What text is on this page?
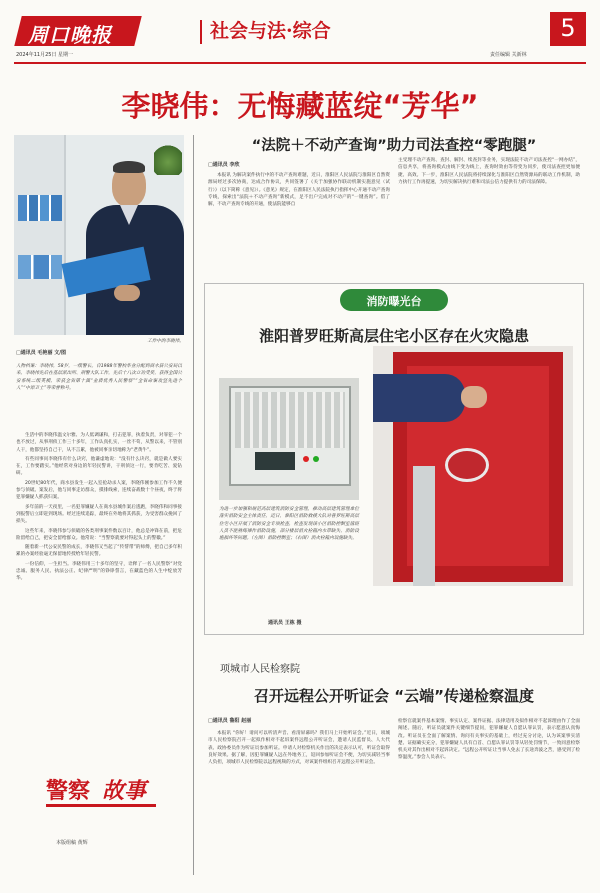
周口晚报
2024年11月25日 星期一
社会与法·综合
责任编辑 关新林
5
李晓伟：无悔藏蓝绽“芳华”
工作中的李晓伟。
□通讯员 毛艳丽 文/图
人物档案：李晓伟，58岁，一级警长。自1988年警校毕业分配到商水县公安局以来，李晓伟先后在基层派出所、刑警大队工作，先后十八次立功受奖，获得全国公安系统二级英模、荣获全省第十届“金盾优秀人民警察”“全省命案攻坚先进个人”“中原卫士”等荣誉称号。

生活中的李晓伟温文尔雅、为人低调谦和，打击犯罪，执着负责，对罪犯一个也不放过，从事刑侦工作三十多年，工作认真扎实，一丝不苟，从警以来，不管别人干，他都坚持自己干，从不言累，他被同事亲切地称为“老黄牛”。

有些同事问李晓伟有什么诀窍，他谦虚地说：“没有什么诀窍，就是做人要实在，工作要踏实。”他经常对身边的年轻民警讲，干刑侦这一行，要肯吃苦、爱钻研。

20世纪80年代，商水县发生一起入室抢劫杀人案，李晓伟刚参加工作不久便参与侦破。案发后，他与同事走访群众，摸排线索，连续奋战数十个昼夜，终于将犯罪嫌疑人抓获归案。

多年前的一天夜里，一名犯罪嫌疑人在商水县城作案后逃跑，李晓伟和同事接到报警后立即赶到现场。经过连续追踪，最终在外地将其抓获，为受害群众挽回了损失。

这些年来，李晓伟参与侦破的各类刑事案件数以百计，他总是冲锋在前，把危险留给自己，把安全留给群众。他常说：“当警察就要对得起头上的警徽。”

随着新一代公安民警的成长，李晓伟又当起了“传帮带”的师傅，把自己多年积累的办案经验毫无保留地传授给年轻民警。

一份信仰，一生担当。李晓伟用三十多年的坚守，诠释了一名人民警察“对党忠诚、服务人民、执法公正、纪律严明”的铮铮誓言，在藏蓝色的人生中绽放芳华。

警察 故事
本版组稿 黄辉
“法院＋不动产查询”助力司法查控“零跑腿”
□通讯员 李欣

本报讯 为解决案件执行中的不动产查询难题，近日，淮阳区人民法院与淮阳区自然资源局经过多次协商，达成合作协议，共同签署了《关于加强协作联动机制实施意见（试行）》（以下简称《意见》）。《意见》规定，在淮阳区人民法院执行指挥中心开通不动产查询专线，探索出“法院＋不动产查询”新模式，足不出户完成对不动产的“一键查询”。借了解，不动产查询专线的开通，使法院能够自

主受理不动产查询、查封、解封、续查封等业务，实现法院不动产司法查控“一网办结”，信息共享，将查询模式由线下变为线上，查询时效由等待变为同步，使司法查控更加便捷、高效。下一步，淮阳区人民法院将持续深化与淮阳区自然资源局的联动工作机制，助力执行工作再提速，为切实解决执行难和司法公信力提供有力的司法保障。

消防曝光台
淮阳普罗旺斯高层住宅小区存在火灾隐患

为进一步加强和规范高层建筑消防安全管理，推动高层建筑管理单位落实消防安全主体责任，近日，淮阳区消防救援大队对普罗旺斯高层住宅小区开展了消防安全专项检查，检查发现该小区消防控制室值班人员不能熟练操作消防设施，部分楼层消火栓箱内水带缺失、消防设施损坏等问题。（左图）消防控制室；（右图）消火栓箱内设施缺失。

通讯员 王栋 摄
项城市人民检察院
召开远程公开听证会 “云端”传递检察温度
□通讯员 鲁阳 赵丽

本报讯 “你好！请问可以听清声音、看清屏幕吗？我们马上开始听证会。”近日，项城市人民检察院召开一起拟作相对不起诉案件远程公开听证会，邀请人民监督员、人大代表、政协委员作为听证员参加听证。申请人对检察机关作出的决定表示认可，听证会取得良好效果。据了解，因犯罪嫌疑人远在外地务工，返回参加听证会不便，为切实减轻当事人负担，项城市人民检察院以远程视频的方式，对该案件组织召开远程公开听证会。

检察官就案件基本案情、事实认定、案件证据、法律适用及拟作相对不起诉理由作了全面阐述。随后，听证员就案件关键细节提问，犯罪嫌疑人自愿认罪认罚，表示愿意认真悔改。听证员在全面了解案情、询问有关事实的基础上，经过充分讨论，认为该案事实清楚、证据确实充分，犯罪嫌疑人具有自首、自愿认罪认罚等从轻处罚情节，一致同意检察机关对其作出相对不起诉决定。“远程公开听证让当事人免去了长途奔波之苦，感受到了检察温度。”参会人员表示。
